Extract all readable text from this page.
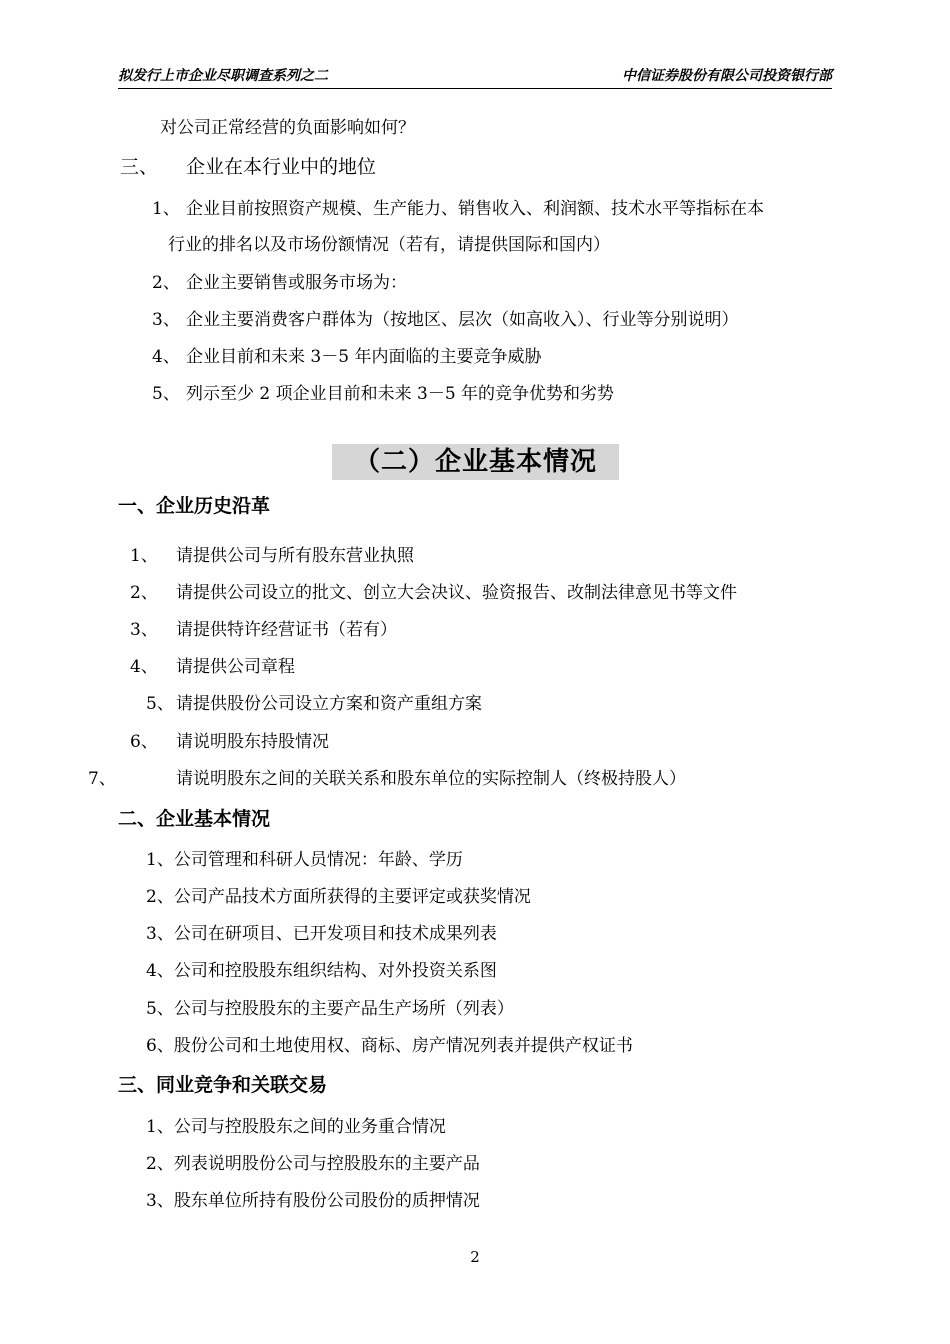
拟发行上市企业尽职调查系列之二	中信证券股份有限公司投资银行部
对公司正常经营的负面影响如何？
三、 企业在本行业中的地位
1、 企业目前按照资产规模、生产能力、销售收入、利润额、技术水平等指标在本
行业的排名以及市场份额情况（若有，请提供国际和国内）
2、 企业主要销售或服务市场为：
3、 企业主要消费客户群体为（按地区、层次（如高收入）、行业等分别说明）
4、 企业目前和未来 3－5 年内面临的主要竞争威胁
5、 列示至少 2 项企业目前和未来 3－5 年的竞争优势和劣势
（二）企业基本情况
一、企业历史沿革
1、 请提供公司与所有股东营业执照
2、 请提供公司设立的批文、创立大会决议、验资报告、改制法律意见书等文件
3、 请提供特许经营证书（若有）
4、 请提供公司章程
5、 请提供股份公司设立方案和资产重组方案
6、 请说明股东持股情况
7、	请说明股东之间的关联关系和股东单位的实际控制人（终极持股人）
二、企业基本情况
1、公司管理和科研人员情况：年龄、学历
2、公司产品技术方面所获得的主要评定或获奖情况
3、公司在研项目、已开发项目和技术成果列表
4、公司和控股股东组织结构、对外投资关系图
5、公司与控股股东的主要产品生产场所（列表）
6、股份公司和土地使用权、商标、房产情况列表并提供产权证书
三、同业竞争和关联交易
1、公司与控股股东之间的业务重合情况
2、列表说明股份公司与控股股东的主要产品
3、股东单位所持有股份公司股份的质押情况
2
